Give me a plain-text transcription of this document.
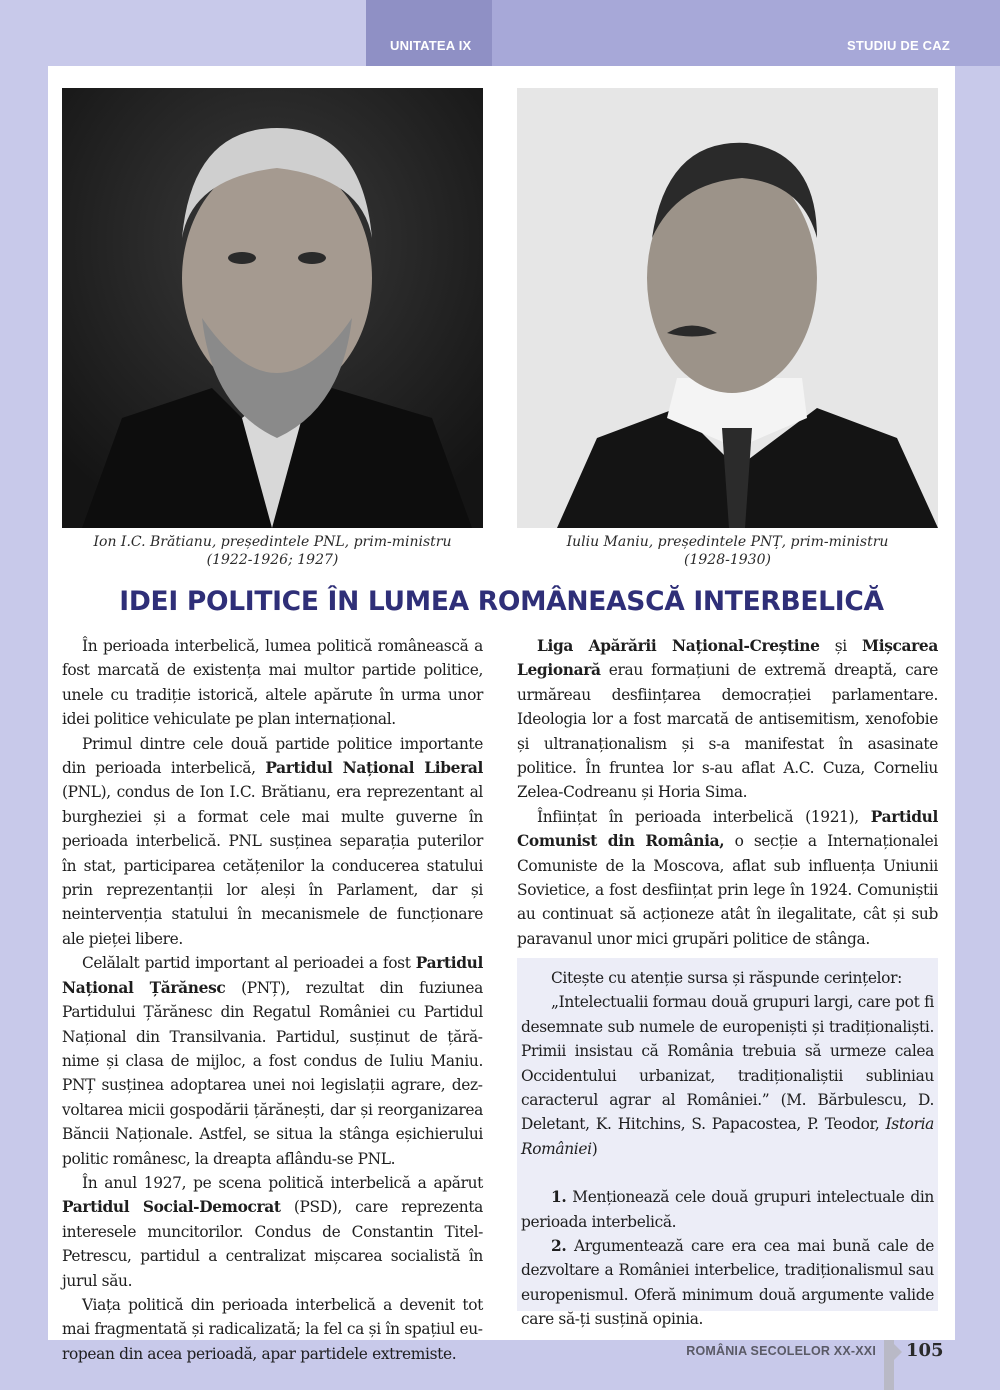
UNITATEA IX	STUDIU DE CAZ
Ion I.C. Brătianu, președintele PNL, prim-ministru
(1922-1926; 1927)
Iuliu Maniu, președintele PNȚ, prim-ministru
(1928-1930)
IDEI POLITICE ÎN LUMEA ROMÂNEASCĂ INTERBELICĂ

În perioada interbelică, lumea politică românească a fost marcată de existența mai multor partide politice, unele cu tradiție istorică, altele apărute în urma unor idei politice vehiculate pe plan internațional.

Primul dintre cele două partide politice importante din perioada interbelică, Partidul Național Liberal (PNL), condus de Ion I.C. Brătianu, era reprezentant al burgheziei și a format cele mai multe guverne în perioada interbelică. PNL susținea separația puterilor în stat, participarea cetățenilor la conducerea statului prin reprezentanții lor aleși în Parlament, dar și neintervenția statului în mecanismele de funcționare ale pieței libere.

Celălalt partid important al perioadei a fost Partidul Național Țărănesc (PNȚ), rezultat din fuziunea Partidului Țărănesc din Regatul României cu Partidul Național din Transilvania. Partidul, susținut de țărănime și clasa de mijloc, a fost condus de Iuliu Maniu. PNȚ susținea adoptarea unei noi legislații agrare, dezvoltarea micii gospodării țărănești, dar și reorganizarea Băncii Naționale. Astfel, se situa la stânga eșichierului politic românesc, la dreapta aflându-se PNL.

În anul 1927, pe scena politică interbelică a apărut Partidul Social-Democrat (PSD), care reprezenta interesele muncitorilor. Condus de Constantin Titel-Petrescu, partidul a centralizat mișcarea socialistă în jurul său.

Viața politică din perioada interbelică a devenit tot mai fragmentată și radicalizată; la fel ca și în spațiul european din acea perioadă, apar partidele extremiste.

Liga Apărării Național-Creștine și Mișcarea Legionară erau formațiuni de extremă dreaptă, care urmăreau desființarea democrației parlamentare. Ideologia lor a fost marcată de antisemitism, xenofobie și ultranaționalism și s-a manifestat în asasinate politice. În fruntea lor s-au aflat A.C. Cuza, Corneliu Zelea-Codreanu și Horia Sima.

Înființat în perioada interbelică (1921), Partidul Comunist din România, o secție a Internaționalei Comuniste de la Moscova, aflat sub influența Uniunii Sovietice, a fost desființat prin lege în 1924. Comuniștii au continuat să acționeze atât în ilegalitate, cât și sub paravanul unor mici grupări politice de stânga.

Citește cu atenție sursa și răspunde cerințelor:

„Intelectualii formau două grupuri largi, care pot fi desemnate sub numele de europeniști și tradiționaliști. Primii insistau că România trebuia să urmeze calea Occidentului urbanizat, tradiționaliștii subliniau caracterul agrar al României.” (M. Bărbulescu, D. Deletant, K. Hitchins, S. Papacostea, P. Teodor, Istoria României)

1. Menționează cele două grupuri intelectuale din perioada interbelică.

2. Argumentează care era cea mai bună cale de dezvoltare a României interbelice, tradiționalismul sau europenismul. Oferă minimum două argumente valide care să-ți susțină opinia.

ROMÂNIA SECOLELOR XX-XXI 105
